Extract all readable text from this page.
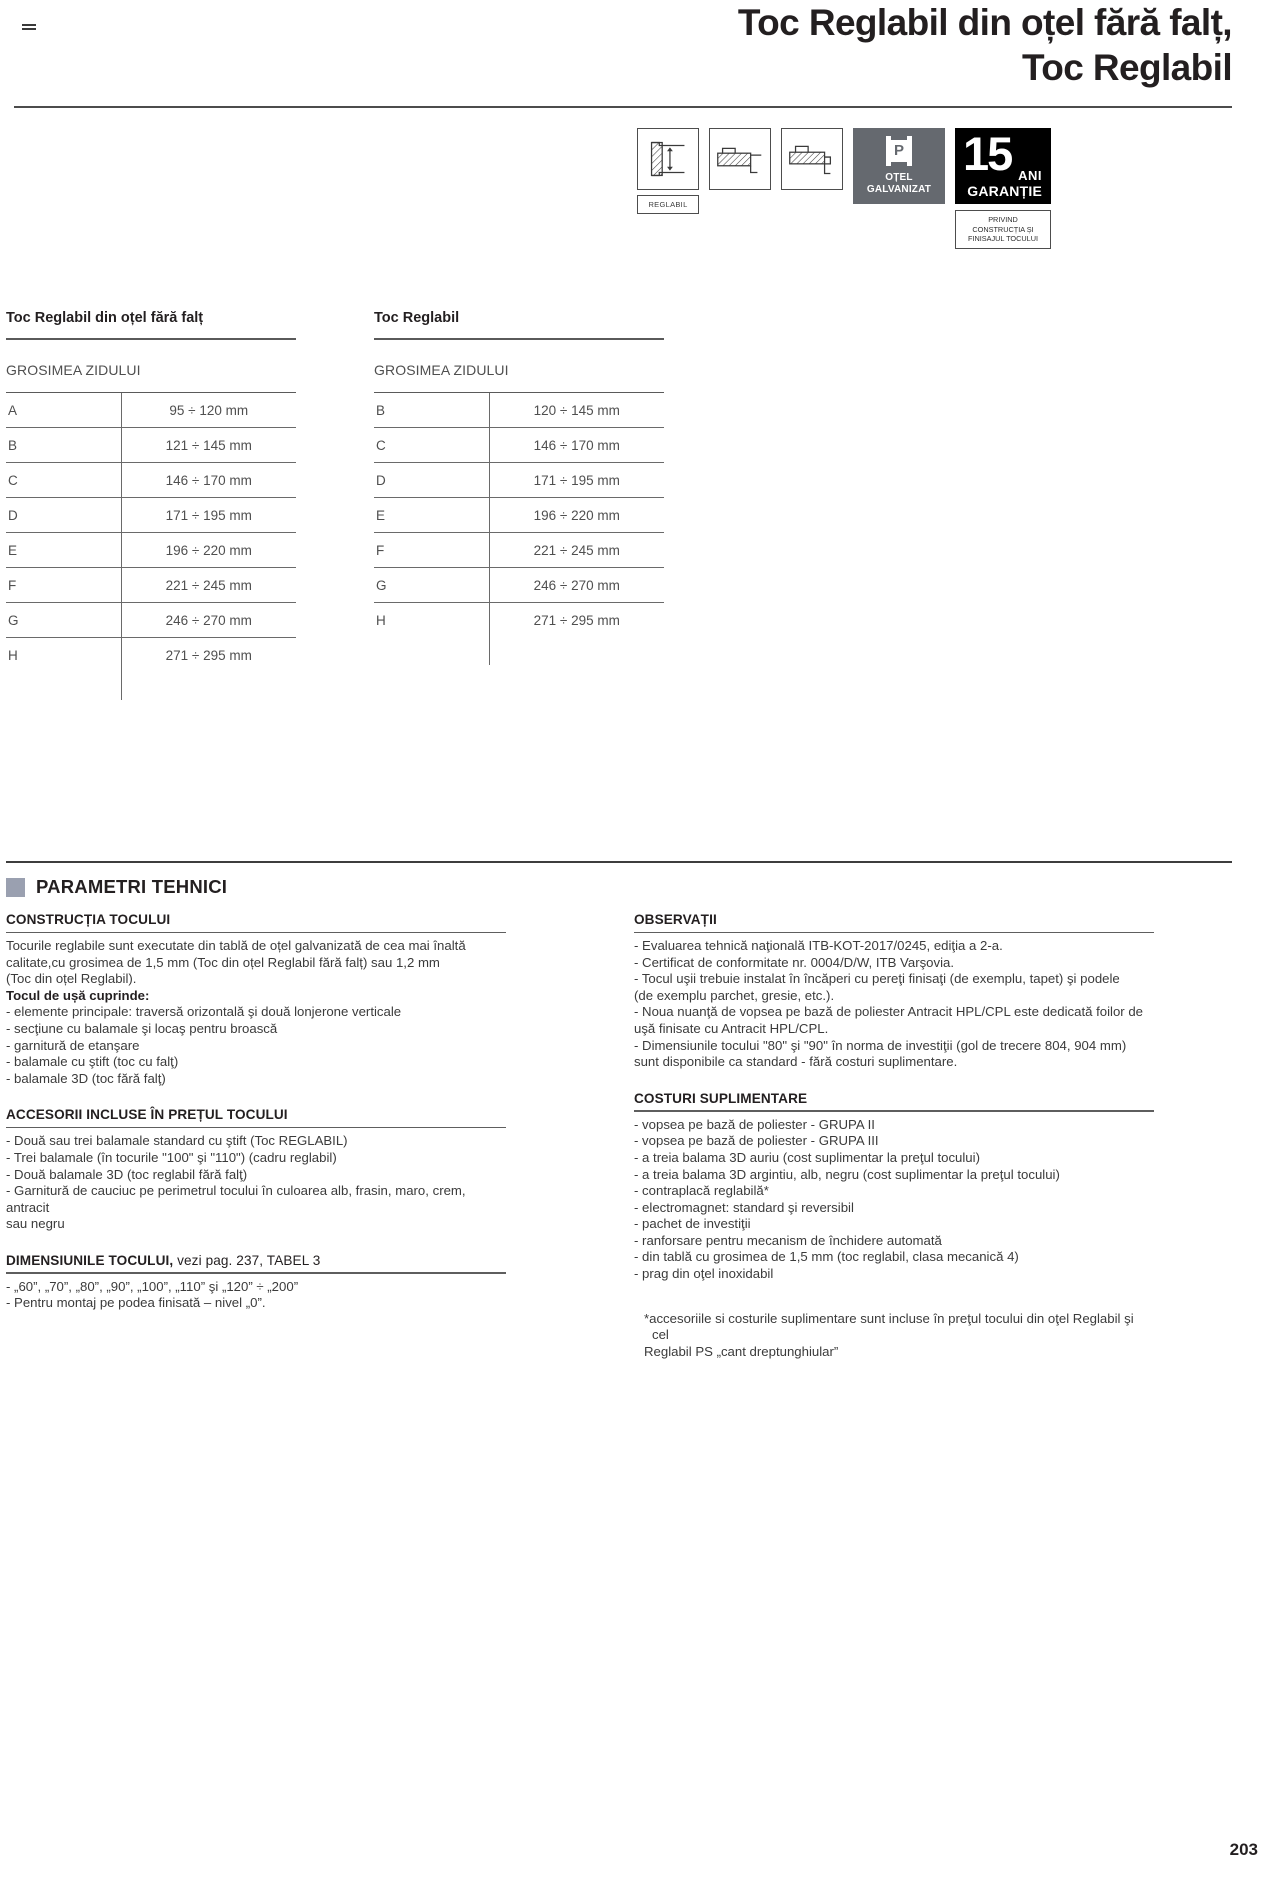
Toc Reglabil din oțel fără falț,
Toc Reglabil
REGLABIL
P
OȚEL
GALVANIZAT
15 ANI
GARANȚIE
PRIVIND
CONSTRUCȚIA ȘI
FINISAJUL TOCULUI
Toc Reglabil din oțel fără falț
GROSIMEA ZIDULUI
A	95 ÷ 120 mm
B	121 ÷ 145 mm
C	146 ÷ 170 mm
D	171 ÷ 195 mm
E	196 ÷ 220 mm
F	221 ÷ 245 mm
G	246 ÷ 270 mm
H	271 ÷ 295 mm
Toc Reglabil
GROSIMEA ZIDULUI
B	120 ÷ 145 mm
C	146 ÷ 170 mm
D	171 ÷ 195 mm
E	196 ÷ 220 mm
F	221 ÷ 245 mm
G	246 ÷ 270 mm
H	271 ÷ 295 mm
PARAMETRI TEHNICI
CONSTRUCȚIA TOCULUI
Tocurile reglabile sunt executate din tablă de oțel galvanizată de cea mai înaltă
calitate,cu grosimea de 1,5 mm (Toc din oțel Reglabil fără falț) sau 1,2 mm
(Toc din oțel Reglabil).
Tocul de ușă cuprinde:
- elemente principale: traversă orizontală şi două lonjerone verticale
- secţiune cu balamale şi locaş pentru broască
- garnitură de etanşare
- balamale cu ştift (toc cu falţ)
- balamale 3D (toc fără falţ)
ACCESORII INCLUSE ÎN PREȚUL TOCULUI
- Două sau trei balamale standard cu ştift (Toc REGLABIL)
- Trei balamale (în tocurile "100" şi "110") (cadru reglabil)
- Două balamale 3D (toc reglabil fără falţ)
- Garnitură de cauciuc pe perimetrul tocului în culoarea alb, frasin, maro, crem, antracit
sau negru
DIMENSIUNILE TOCULUI, vezi pag. 237, TABEL 3
- „60”, „70”, „80”, „90”, „100”, „110” şi „120” ÷ „200”
- Pentru montaj pe podea finisată – nivel „0”.
OBSERVAȚII
- Evaluarea tehnică naţională ITB-KOT-2017/0245, ediţia a 2-a.
- Certificat de conformitate nr. 0004/D/W, ITB Varşovia.
- Tocul uşii trebuie instalat în încăperi cu pereţi finisaţi (de exemplu, tapet) şi podele
(de exemplu parchet, gresie, etc.).
- Noua nuanţă de vopsea pe bază de poliester Antracit HPL/CPL este dedicată foilor de
uşă finisate cu Antracit HPL/CPL.
- Dimensiunile tocului "80" şi "90" în norma de investiţii (gol de trecere 804, 904 mm)
sunt disponibile ca standard - fără costuri suplimentare.
COSTURI SUPLIMENTARE
- vopsea pe bază de poliester - GRUPA II
- vopsea pe bază de poliester - GRUPA III
- a treia balama 3D auriu (cost suplimentar la preţul tocului)
- a treia balama 3D argintiu, alb, negru (cost suplimentar la preţul tocului)
- contraplacă reglabilă*
- electromagnet: standard şi reversibil
- pachet de investiţii
- ranforsare pentru mecanism de închidere automată
- din tablă cu grosimea de 1,5 mm (toc reglabil, clasa mecanică 4)
- prag din oţel inoxidabil
*accesoriile si costurile suplimentare sunt incluse în preţul tocului din oţel Reglabil şi cel
Reglabil PS „cant dreptunghiular”
203
